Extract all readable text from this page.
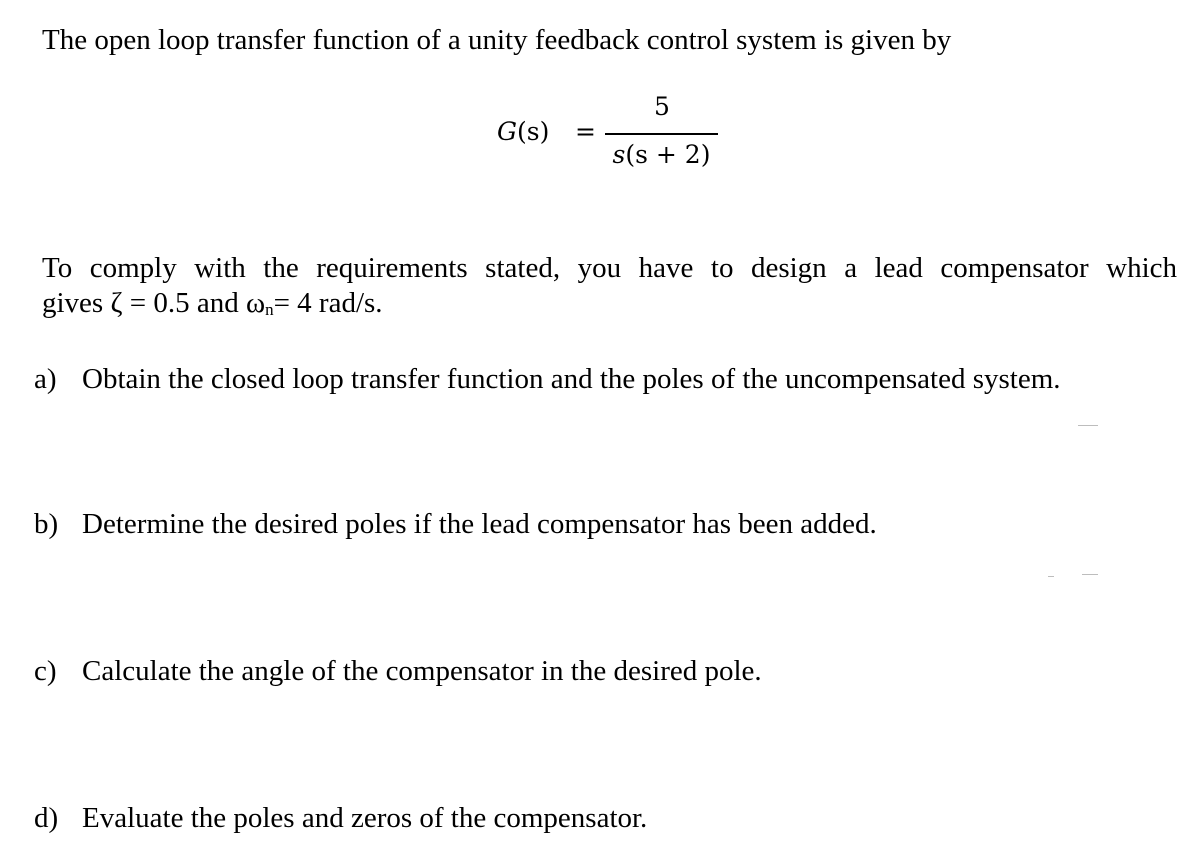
The open loop transfer function of a unity feedback control system is given by
G(s) =
5
s(s + 2)
To comply with the requirements stated, you have to design a lead compensator which
gives ζ = 0.5 and ωn= 4 rad/s.
a) Obtain the closed loop transfer function and the poles of the uncompensated system.
b) Determine the desired poles if the lead compensator has been added.
c) Calculate the angle of the compensator in the desired pole.
d) Evaluate the poles and zeros of the compensator.
